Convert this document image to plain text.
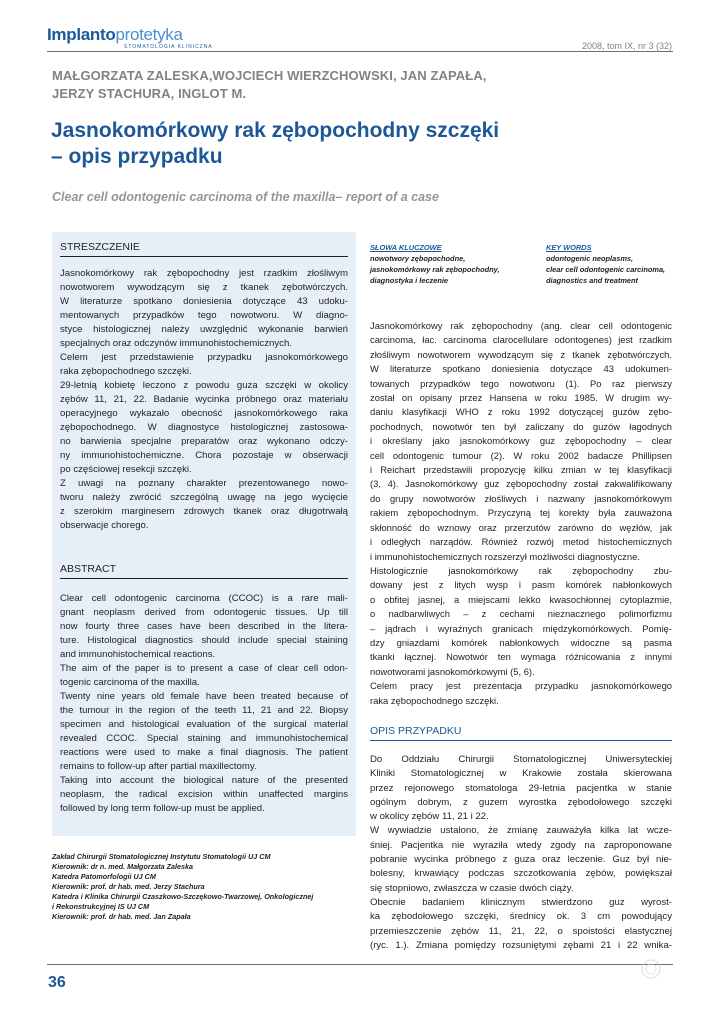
Implantoprotetyka
STOMATOLOGIA KLINICZNA	2008, tom IX, nr 3 (32)
MAŁGORZATA ZALESKA,WOJCIECH WIERZCHOWSKI, JAN ZAPAŁA,
JERZY STACHURA, INGLOT M.
Jasnokomórkowy rak zębopochodny szczęki
– opis przypadku
Clear cell odontogenic carcinoma of the maxilla– report of a case
STRESZCZENIE
Jasnokomórkowy rak zębopochodny jest rzadkim złośliwym
nowotworem wywodzącym się z tkanek zębotwórczych.
W literaturze spotkano doniesienia dotyczące 43 udoku-
mentowanych przypadków tego nowotworu. W diagno-
styce histologicznej należy uwzględnić wykonanie barwień
specjalnych oraz odczynów immunohistochemicznych.
Celem jest przedstawienie przypadku jasnokomórkowego
raka zębopochodnego szczęki.
29-letnią kobietę leczono z powodu guza szczęki w okolicy
zębów 11, 21, 22. Badanie wycinka próbnego oraz materiału
operacyjnego wykazało obecność jasnokomórkowego raka
zębopochodnego. W diagnostyce histologicznej zastosowa-
no barwienia specjalne preparatów oraz wykonano odczy-
ny immunohistochemiczne. Chora pozostaje w obserwacji
po częściowej resekcji szczęki.
Z uwagi na poznany charakter prezentowanego nowo-
tworu należy zwrócić szczególną uwagę na jego wycięcie
z szerokim marginesem zdrowych tkanek oraz długotrwałą
obserwacje chorego.
ABSTRACT
Clear cell odontogenic carcinoma (CCOC) is a rare mali-
gnant neoplasm derived from odontogenic tissues. Up till
now fourty three cases have been described in the litera-
ture. Histological diagnostics should include special staining
and immunohistochemical reactions.
The aim of the paper is to present a case of clear cell odon-
togenic carcinoma of the maxilla.
Twenty nine years old female have been treated because of
the tumour in the region of the teeth 11, 21 and 22. Biopsy
specimen and histological evaluation of the surgical material
revealed CCOC. Special staining and immunohistochemical
reactions were used to make a final diagnosis. The patient
remains to follow-up after partial maxillectomy.
Taking into account the biological nature of the presented
neoplasm, the radical excision within unaffected margins
followed by long term follow-up must be applied.
Zakład Chirurgii Stomatologicznej Instytutu Stomatologii UJ CM
Kierownik: dr n. med. Małgorzata Zaleska
Katedra Patomorfologii UJ CM
Kierownik: prof. dr hab. med. Jerzy Stachura
Katedra i Klinika Chirurgii Czaszkowo-Szczękowo-Twarzowej, Onkologicznej
i Rekonstrukcyjnej IS UJ CM
Kierownik: prof. dr hab. med. Jan Zapała
SŁOWA KLUCZOWE
nowotwory zębopochodne,
jasnokomórkowy rak zębopochodny,
diagnostyka i leczenie
KEY WORDS
odontogenic neoplasms,
clear cell odontogenic carcinoma,
diagnostics and treatment
Jasnokomórkowy rak zębopochodny (ang. clear cell odontogenic
carcinoma, łac. carcinoma clarocellulare odontogenes) jest rzadkim
złośliwym nowotworem wywodzącym się z tkanek zębotwórczych.
W literaturze spotkano doniesienia dotyczące 43 udokumen-
towanych przypadków tego nowotworu (1). Po raz pierwszy
został on opisany przez Hansena w roku 1985. W drugim wy-
daniu klasyfikacji WHO z roku 1992 dotyczącej guzów zębo-
pochodnych, nowotwór ten był zaliczany do guzów łagodnych
i określany jako jasnokomórkowy guz zębopochodny – clear
cell odontogenic tumour (2). W roku 2002 badacze Phillipsen
i Reichart przedstawili propozycję kilku zmian w tej klasyfikacji
(3, 4). Jasnokomórkowy guz zębopochodny został zakwalifikowany
do grupy nowotworów złośliwych i nazwany jasnokomórkowym
rakiem zębopochodnym. Przyczyną tej korekty była zauważona
skłonność do wznowy oraz przerzutów zarówno do węzłów, jak
i odległych narządów. Również rozwój metod histochemicznych
i immunohistochemicznych rozszerzył możliwości diagnostyczne.
Histologicznie jasnokomórkowy rak zębopochodny zbu-
dowany jest z litych wysp i pasm komórek nabłonkowych
o obfitej jasnej, a miejscami lekko kwasochłonnej cytoplazmie,
o nadbarwliwych – z cechami nieznacznego polimorfizmu
– jądrach i wyraźnych granicach międzykomórkowych. Pomię-
dzy gniazdami komórek nabłonkowych widoczne są pasma
tkanki łącznej. Nowotwór ten wymaga różnicowania z innymi
nowotworami jasnokomórkowymi (5, 6).
Celem pracy jest prezentacja przypadku jasnokomórkowego
raka zębopochodnego szczęki.
OPIS PRZYPADKU
Do Oddziału Chirurgii Stomatologicznej Uniwersyteckiej
Kliniki Stomatologicznej w Krakowie została skierowana
przez rejonowego stomatologa 29-letnia pacjentka w stanie
ogólnym dobrym, z guzem wyrostka zębodołowego szczęki
w okolicy zębów 11, 21 i 22.
W wywiadzie ustalono, że zmianę zauważyła kilka lat wcze-
śniej. Pacjentka nie wyraziła wtedy zgody na zaproponowane
pobranie wycinka próbnego z guza oraz leczenie. Guz był nie-
bolesny, krwawiący podczas szczotkowania zębów, powiększał
się stopniowo, zwłaszcza w czasie dwóch ciąży.
Obecnie badaniem klinicznym stwierdzono guz wyrost-
ka zębodołowego szczęki, średnicy ok. 3 cm powodujący
przemieszczenie zębów 11, 21, 22, o spoistości elastycznej
(ryc. 1.). Zmiana pomiędzy rozsuniętymi zębami 21 i 22 wnika-
36
